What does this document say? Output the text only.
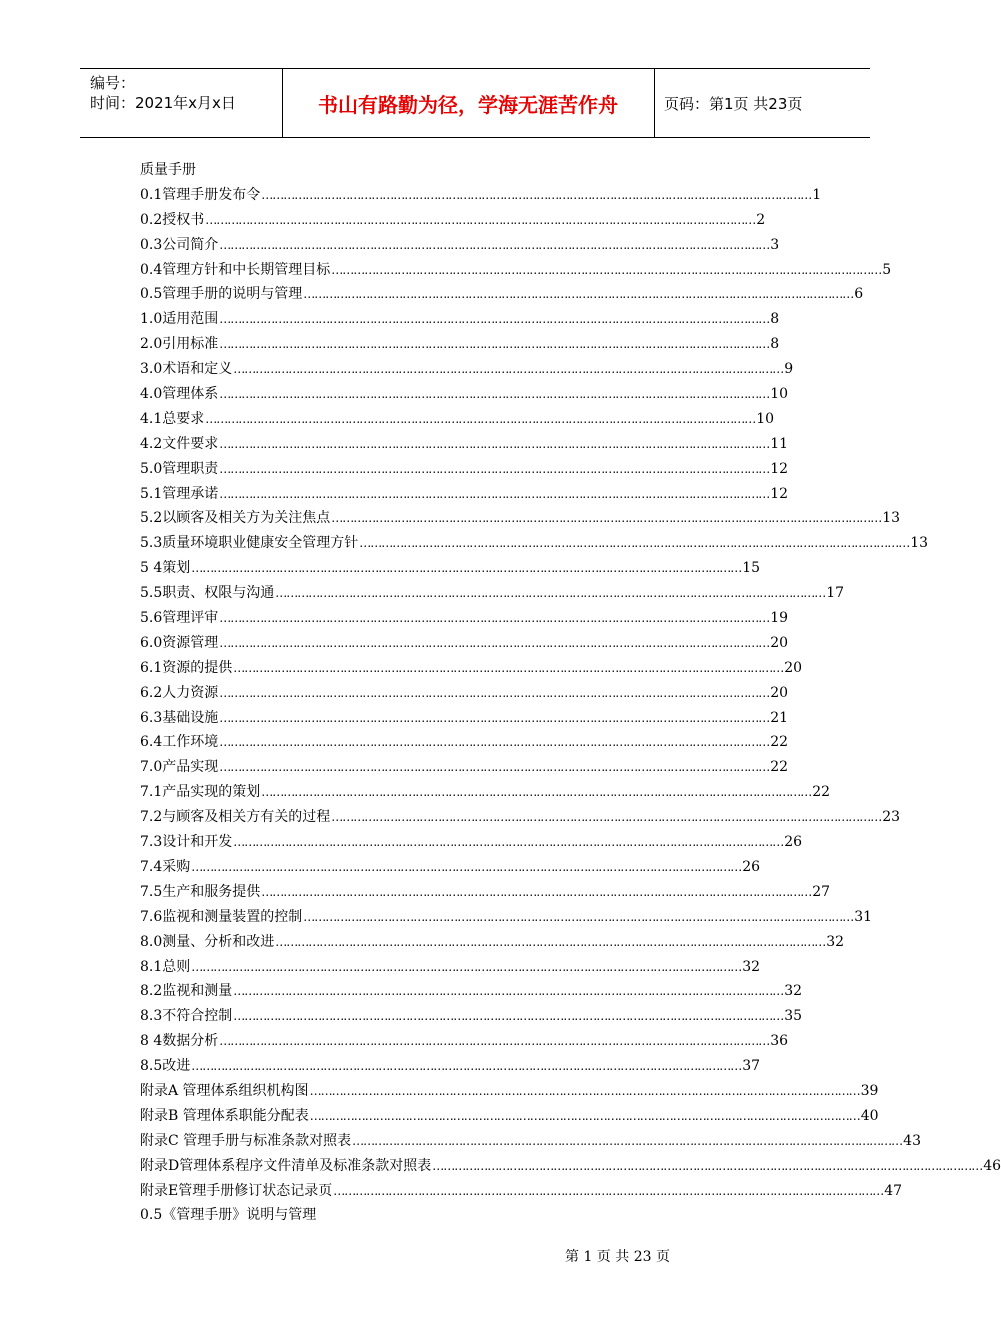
编号：
时间：2021年x月x日	书山有路勤为径，学海无涯苦作舟	页码：第1页 共23页
质量手册
0.1管理手册发布令 …………………………………………………………………………………………………………………………………… 1
0.2授权书 …………………………………………………………………………………………………………………………………… 2
0.3公司简介 …………………………………………………………………………………………………………………………………… 3
0.4管理方针和中长期管理目标 …………………………………………………………………………………………………………………………………… 5
0.5管理手册的说明与管理 …………………………………………………………………………………………………………………………………… 6
1.0适用范围 …………………………………………………………………………………………………………………………………… 8
2.0引用标准 …………………………………………………………………………………………………………………………………… 8
3.0术语和定义 …………………………………………………………………………………………………………………………………… 9
4.0管理体系 …………………………………………………………………………………………………………………………………… 10
4.1总要求 …………………………………………………………………………………………………………………………………… 10
4.2文件要求 …………………………………………………………………………………………………………………………………… 11
5.0管理职责 …………………………………………………………………………………………………………………………………… 12
5.1管理承诺 …………………………………………………………………………………………………………………………………… 12
5.2以顾客及相关方为关注焦点 …………………………………………………………………………………………………………………………………… 13
5.3质量环境职业健康安全管理方针 …………………………………………………………………………………………………………………………………… 13
5 4策划 …………………………………………………………………………………………………………………………………… 15
5.5职责、权限与沟通 …………………………………………………………………………………………………………………………………… 17
5.6管理评审 …………………………………………………………………………………………………………………………………… 19
6.0资源管理 …………………………………………………………………………………………………………………………………… 20
6.1资源的提供 …………………………………………………………………………………………………………………………………… 20
6.2人力资源 …………………………………………………………………………………………………………………………………… 20
6.3基础设施 …………………………………………………………………………………………………………………………………… 21
6.4工作环境 …………………………………………………………………………………………………………………………………… 22
7.0产品实现 …………………………………………………………………………………………………………………………………… 22
7.1产品实现的策划 …………………………………………………………………………………………………………………………………… 22
7.2与顾客及相关方有关的过程 …………………………………………………………………………………………………………………………………… 23
7.3设计和开发 …………………………………………………………………………………………………………………………………… 26
7.4采购 …………………………………………………………………………………………………………………………………… 26
7.5生产和服务提供 …………………………………………………………………………………………………………………………………… 27
7.6监视和测量装置的控制 …………………………………………………………………………………………………………………………………… 31
8.0测量、分析和改进 …………………………………………………………………………………………………………………………………… 32
8.1总则 …………………………………………………………………………………………………………………………………… 32
8.2监视和测量 …………………………………………………………………………………………………………………………………… 32
8.3不符合控制 …………………………………………………………………………………………………………………………………… 35
8 4数据分析 …………………………………………………………………………………………………………………………………… 36
8.5改进 …………………………………………………………………………………………………………………………………… 37
附录A 管理体系组织机构图 …………………………………………………………………………………………………………………………………… 39
附录B 管理体系职能分配表 …………………………………………………………………………………………………………………………………… 40
附录C 管理手册与标准条款对照表 …………………………………………………………………………………………………………………………………… 43
附录D管理体系程序文件清单及标准条款对照表 …………………………………………………………………………………………………………………………………… 46
附录E管理手册修订状态记录页 …………………………………………………………………………………………………………………………………… 47
0.5《管理手册》说明与管理
第 1 页 共 23 页
